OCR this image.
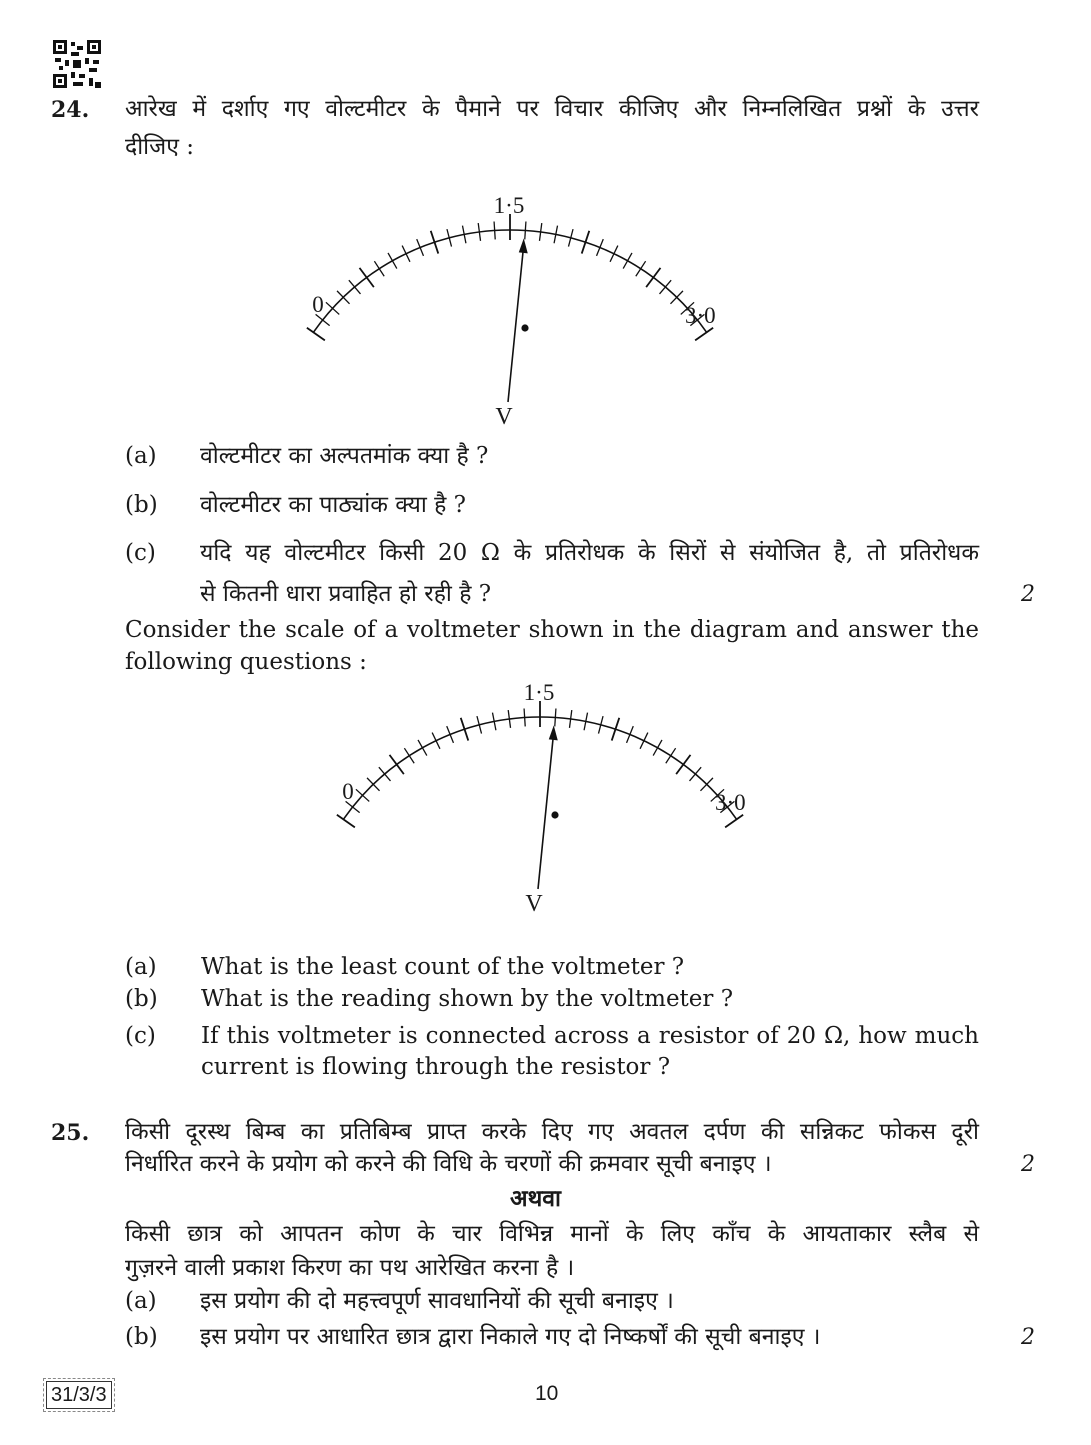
24. आरेख में दर्शाए गए वोल्टमीटर के पैमाने पर विचार कीजिए और निम्नलिखित प्रश्नों के उत्तर
दीजिए :
0
1·5
3·0
V
(a) वोल्टमीटर का अल्पतमांक क्या है ?
(b) वोल्टमीटर का पाठ्यांक क्या है ?
(c) यदि यह वोल्टमीटर किसी 20 Ω के प्रतिरोधक के सिरों से संयोजित है, तो प्रतिरोधक
से कितनी धारा प्रवाहित हो रही है ?	2
Consider the scale of a voltmeter shown in the diagram and answer the
following questions :
0
1·5
3·0
V
(a) What is the least count of the voltmeter ?
(b) What is the reading shown by the voltmeter ?
(c) If this voltmeter is connected across a resistor of 20 Ω, how much
current is flowing through the resistor ?
25. किसी दूरस्थ बिम्ब का प्रतिबिम्ब प्राप्त करके दिए गए अवतल दर्पण की सन्निकट फोकस दूरी
निर्धारित करने के प्रयोग को करने की विधि के चरणों की क्रमवार सूची बनाइए ।	2
अथवा
किसी छात्र को आपतन कोण के चार विभिन्न मानों के लिए काँच के आयताकार स्लैब से
गुज़रने वाली प्रकाश किरण का पथ आरेखित करना है ।
(a) इस प्रयोग की दो महत्त्वपूर्ण सावधानियों की सूची बनाइए ।
(b) इस प्रयोग पर आधारित छात्र द्वारा निकाले गए दो निष्कर्षों की सूची बनाइए ।	2
31/3/3	10
